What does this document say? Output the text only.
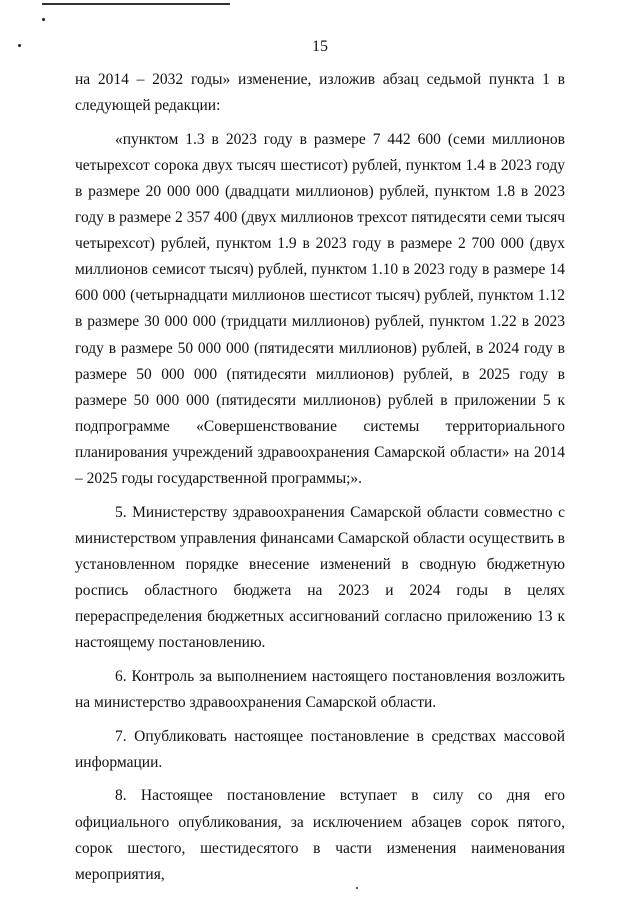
15

на 2014 – 2032 годы» изменение, изложив абзац седьмой пункта 1 в следующей редакции:

«пунктом 1.3 в 2023 году в размере 7 442 600 (семи миллионов четырехсот сорока двух тысяч шестисот) рублей, пунктом 1.4 в 2023 году в размере 20 000 000 (двадцати миллионов) рублей, пунктом 1.8 в 2023 году в размере 2 357 400 (двух миллионов трехсот пятидесяти семи тысяч четырехсот) рублей, пунктом 1.9 в 2023 году в размере 2 700 000 (двух миллионов семисот тысяч) рублей, пунктом 1.10 в 2023 году в размере 14 600 000 (четырнадцати миллионов шестисот тысяч) рублей, пунктом 1.12 в размере 30 000 000 (тридцати миллионов) рублей, пунктом 1.22 в 2023 году в размере 50 000 000 (пятидесяти миллионов) рублей, в 2024 году в размере 50 000 000 (пятидесяти миллионов) рублей, в 2025 году в размере 50 000 000 (пятидесяти миллионов) рублей в приложении 5 к подпрограмме «Совершенствование системы территориального планирования учреждений здравоохранения Самарской области» на 2014 – 2025 годы государственной программы;».

5. Министерству здравоохранения Самарской области совместно с министерством управления финансами Самарской области осуществить в установленном порядке внесение изменений в сводную бюджетную роспись областного бюджета на 2023 и 2024 годы в целях перераспределения бюджетных ассигнований согласно приложению 13 к настоящему постановлению.

6. Контроль за выполнением настоящего постановления возложить на министерство здравоохранения Самарской области.

7. Опубликовать настоящее постановление в средствах массовой информации.

8. Настоящее постановление вступает в силу со дня его официального опубликования, за исключением абзацев сорок пятого, сорок шестого, шестидесятого в части изменения наименования мероприятия,
